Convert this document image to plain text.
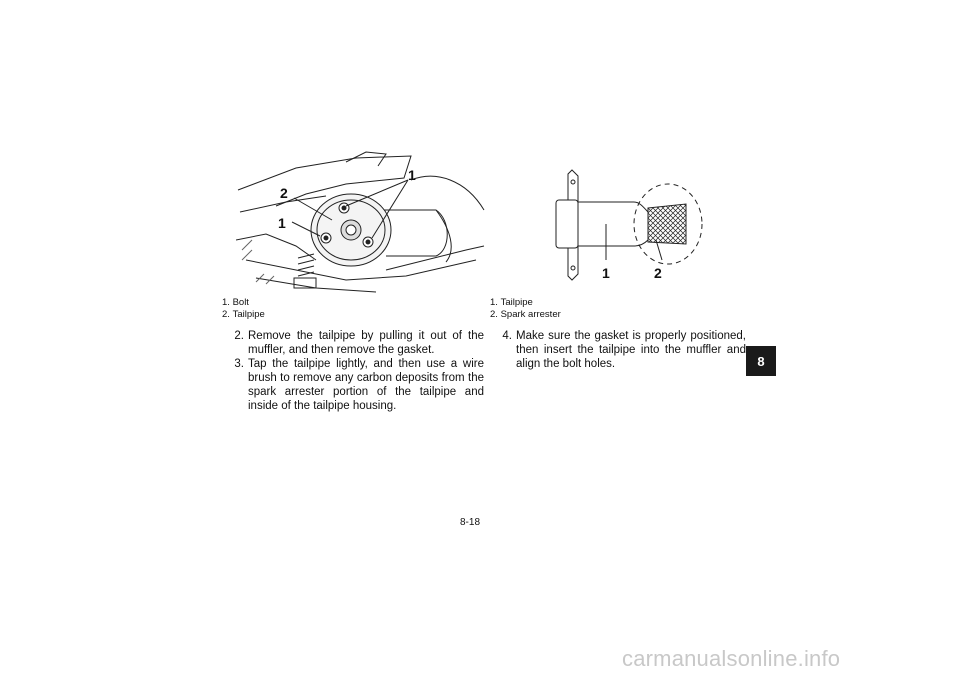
2
1
1
1	2
1. Bolt
2. Tailpipe
1. Tailpipe
2. Spark arrester
2. Remove the tailpipe by pulling it out of the muffler, and then remove the gasket.
3. Tap the tailpipe lightly, and then use a wire brush to remove any carbon deposits from the spark arrester portion of the tailpipe and inside of the tailpipe housing.
4. Make sure the gasket is properly positioned, then insert the tailpipe into the muffler and align the bolt holes.	8
8-18
carmanualsonline.info
